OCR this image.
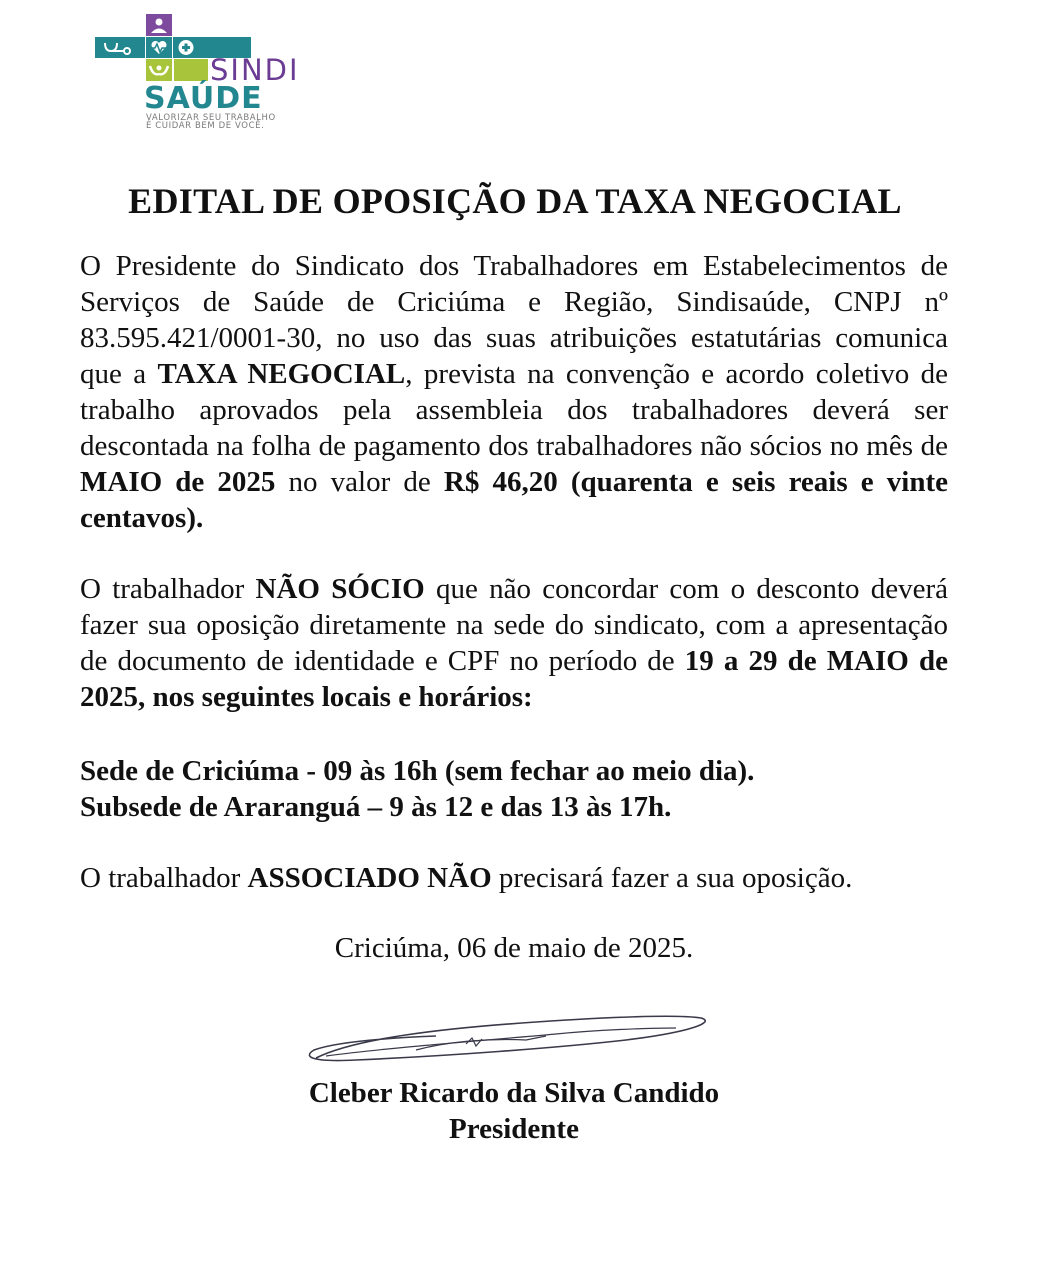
SINDI
SAÚDE
VALORIZAR SEU TRABALHO
É CUIDAR BEM DE VOCÊ.
EDITAL DE OPOSIÇÃO DA TAXA NEGOCIAL

O Presidente do Sindicato dos Trabalhadores em Estabelecimentos de Serviços de Saúde de Criciúma e Região, Sindisaúde, CNPJ nº 83.595.421/0001-30, no uso das suas atribuições estatutárias comunica que a TAXA NEGOCIAL, prevista na convenção e acordo coletivo de trabalho aprovados pela assembleia dos trabalhadores deverá ser descontada na folha de pagamento dos trabalhadores não sócios no mês de MAIO de 2025 no valor de R$ 46,20 (quarenta e seis reais e vinte centavos).

O trabalhador NÃO SÓCIO que não concordar com o desconto deverá fazer sua oposição diretamente na sede do sindicato, com a apresentação de documento de identidade e CPF no período de 19 a 29 de MAIO de 2025, nos seguintes locais e horários:

Sede de Criciúma - 09 às 16h (sem fechar ao meio dia).

Subsede de Araranguá – 9 às 12 e das 13 às 17h.

O trabalhador ASSOCIADO NÃO precisará fazer a sua oposição.

Criciúma, 06 de maio de 2025.

Cleber Ricardo da Silva Candido

Presidente
